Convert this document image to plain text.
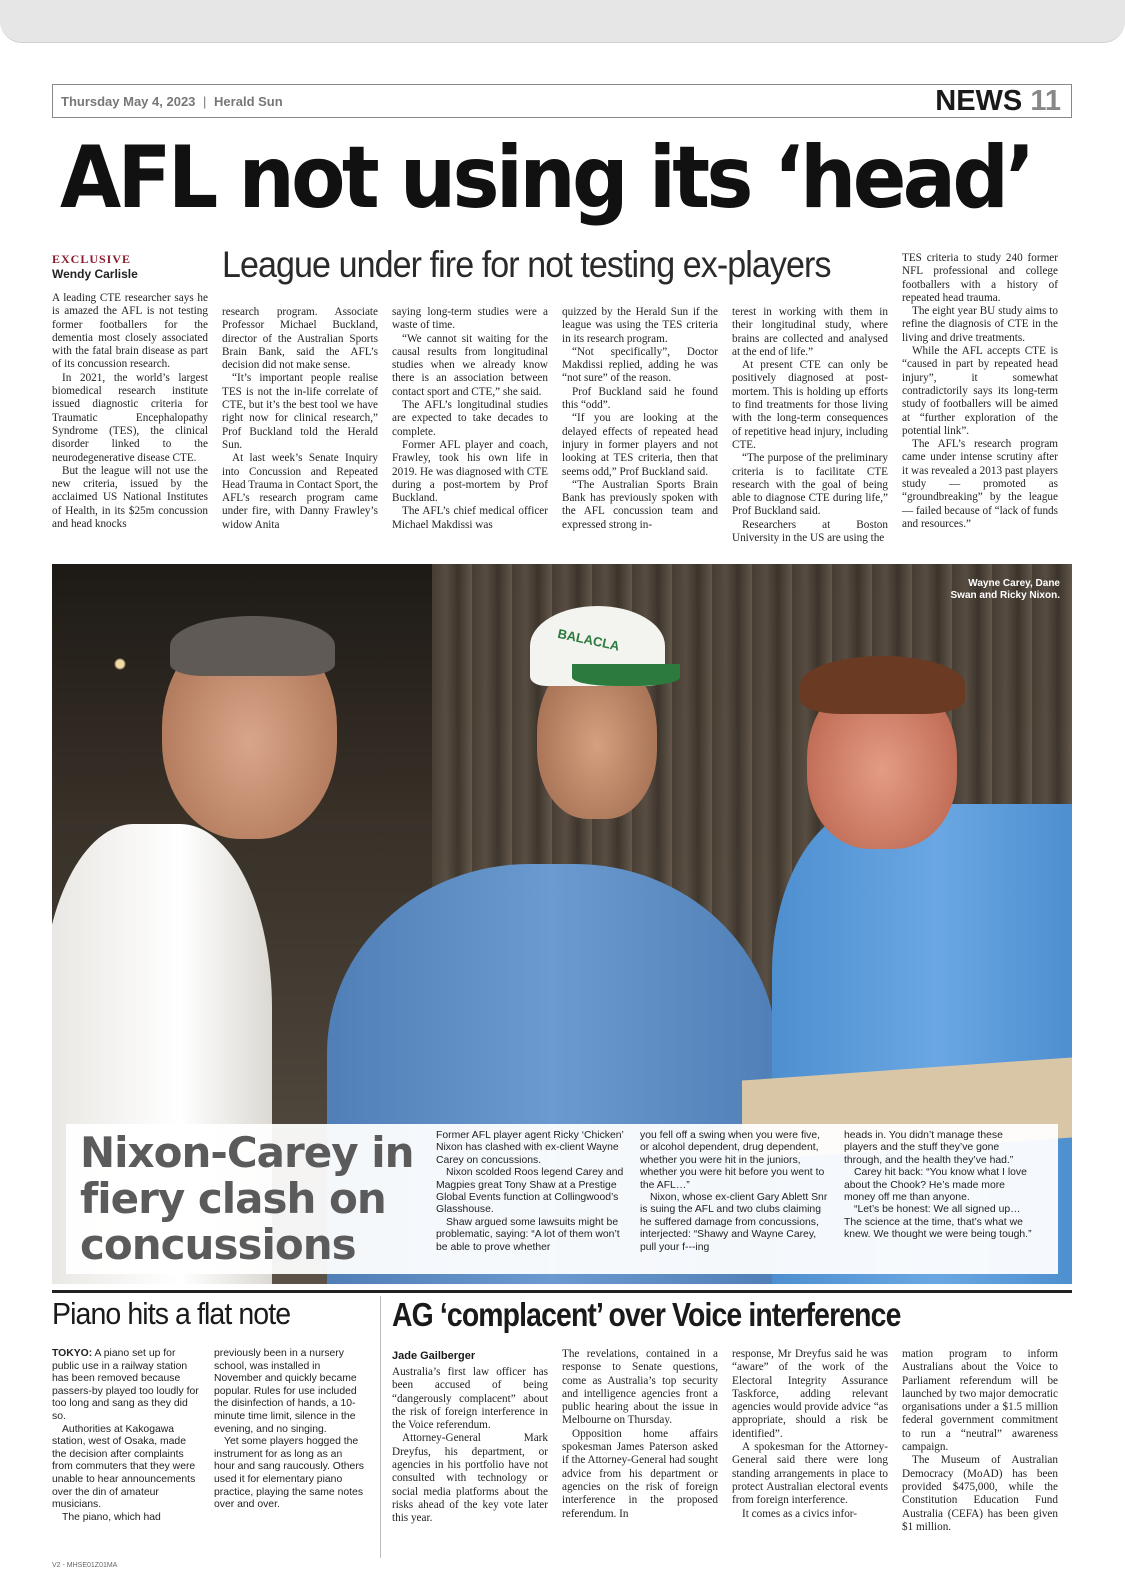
Thursday May 4, 2023 | Herald Sun	NEWS 11
AFL not using its ‘head’
EXCLUSIVE
Wendy Carlisle League under fire for not testing ex-players

A leading CTE researcher says he is amazed the AFL is not testing former footballers for the dementia most closely associated with the fatal brain disease as part of its concussion research.

In 2021, the world’s largest biomedical research institute issued diagnostic criteria for Traumatic Encephalopathy Syndrome (TES), the clinical disorder linked to the neurodegenerative disease CTE.

But the league will not use the new criteria, issued by the acclaimed US National Institutes of Health, in its $25m concussion and head knocks

research program. Associate Professor Michael Buckland, director of the Australian Sports Brain Bank, said the AFL’s decision did not make sense.

“It’s important people realise TES is not the in-life correlate of CTE, but it’s the best tool we have right now for clinical research,” Prof Buckland told the Herald Sun.

At last week’s Senate Inquiry into Concussion and Repeated Head Trauma in Contact Sport, the AFL’s research program came under fire, with Danny Frawley’s widow Anita

saying long-term studies were a waste of time.

“We cannot sit waiting for the causal results from longitudinal studies when we already know there is an association between contact sport and CTE,” she said.

The AFL’s longitudinal studies are expected to take decades to complete.

Former AFL player and coach, Frawley, took his own life in 2019. He was diagnosed with CTE during a post-mortem by Prof Buckland.

The AFL’s chief medical officer Michael Makdissi was

quizzed by the Herald Sun if the league was using the TES criteria in its research program.

“Not specifically”, Doctor Makdissi replied, adding he was “not sure” of the reason.

Prof Buckland said he found this “odd”.

“If you are looking at the delayed effects of repeated head injury in former players and not looking at TES criteria, then that seems odd,” Prof Buckland said.

“The Australian Sports Brain Bank has previously spoken with the AFL concussion team and expressed strong in-

terest in working with them in their longitudinal study, where brains are collected and analysed at the end of life.”

At present CTE can only be positively diagnosed at post-mortem. This is holding up efforts to find treatments for those living with the long-term consequences of repetitive head injury, including CTE.

“The purpose of the preliminary criteria is to facilitate CTE research with the goal of being able to diagnose CTE during life,” Prof Buckland said.

Researchers at Boston University in the US are using the

TES criteria to study 240 former NFL professional and college footballers with a history of repeated head trauma.

The eight year BU study aims to refine the diagnosis of CTE in the living and drive treatments.

While the AFL accepts CTE is “caused in part by repeated head injury”, it somewhat contradictorily says its long-term study of footballers will be aimed at “further exploration of the potential link”.

The AFL’s research program came under intense scrutiny after it was revealed a 2013 past players study — promoted as “groundbreaking” by the league — failed because of “lack of funds and resources.”

BALACLA
Wayne Carey, Dane Swan and Ricky Nixon.
Nixon-Carey in fiery clash on concussions

Former AFL player agent Ricky ‘Chicken’ Nixon has clashed with ex-client Wayne Carey on concussions.

Nixon scolded Roos legend Carey and Magpies great Tony Shaw at a Prestige Global Events function at Collingwood’s Glasshouse.

Shaw argued some lawsuits might be problematic, saying: “A lot of them won’t be able to prove whether

you fell off a swing when you were five, or alcohol dependent, drug dependent, whether you were hit in the juniors, whether you were hit before you went to the AFL…”

Nixon, whose ex-client Gary Ablett Snr is suing the AFL and two clubs claiming he suffered damage from concussions, interjected: “Shawy and Wayne Carey, pull your f---ing

heads in. You didn’t manage these players and the stuff they’ve gone through, and the health they’ve had.”

Carey hit back: “You know what I love about the Chook? He’s made more money off me than anyone.

“Let’s be honest: We all signed up… The science at the time, that’s what we knew. We thought we were being tough.”

Piano hits a flat note

TOKYO: A piano set up for public use in a railway station has been removed because passers-by played too loudly for too long and sang as they did so.

Authorities at Kakogawa station, west of Osaka, made the decision after complaints from commuters that they were unable to hear announcements over the din of amateur musicians.

The piano, which had

previously been in a nursery school, was installed in November and quickly became popular. Rules for use included the disinfection of hands, a 10-minute time limit, silence in the evening, and no singing.

Yet some players hogged the instrument for as long as an hour and sang raucously. Others used it for elementary piano practice, playing the same notes over and over.

AG ‘complacent’ over Voice interference
Jade Gailberger

Australia’s first law officer has been accused of being “dangerously complacent” about the risk of foreign interference in the Voice referendum.

Attorney-General Mark Dreyfus, his department, or agencies in his portfolio have not consulted with technology or social media platforms about the risks ahead of the key vote later this year.

The revelations, contained in a response to Senate questions, come as Australia’s top security and intelligence agencies front a public hearing about the issue in Melbourne on Thursday.

Opposition home affairs spokesman James Paterson asked if the Attorney-General had sought advice from his department or agencies on the risk of foreign interference in the proposed referendum. In

response, Mr Dreyfus said he was “aware” of the work of the Electoral Integrity Assurance Taskforce, adding relevant agencies would provide advice “as appropriate, should a risk be identified”.

A spokesman for the Attorney-General said there were long standing arrangements in place to protect Australian electoral events from foreign interference.

It comes as a civics infor-

mation program to inform Australians about the Voice to Parliament referendum will be launched by two major democratic organisations under a $1.5 million federal government commitment to run a “neutral” awareness campaign.

The Museum of Australian Democracy (MoAD) has been provided $475,000, while the Constitution Education Fund Australia (CEFA) has been given $1 million.

V2 - MHSE01Z01MA
